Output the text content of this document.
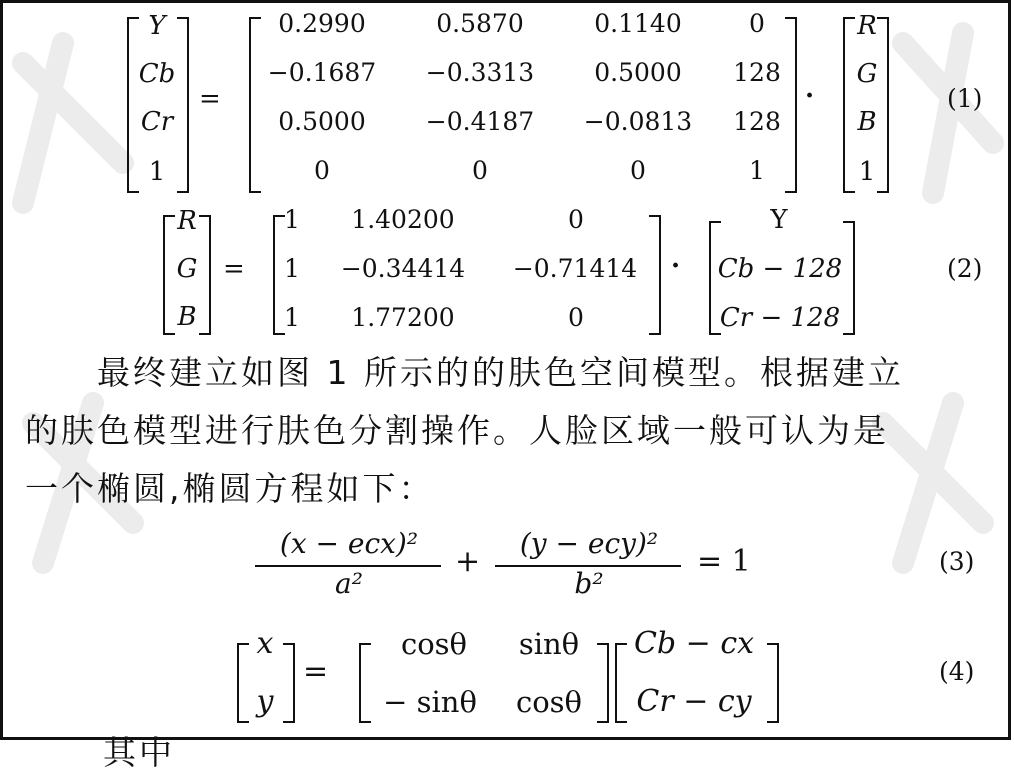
Y
Cb
Cr
1
=
0.2990	0.5870	0.1140	0
−0.1687	−0.3313	0.5000	128
0.5000	−0.4187	−0.0813	128
0	0	0	1
·
R
G
B
1
(1)
R
G
B
=
1	1.40200	0
1	−0.34414	−0.71414
1	1.77200	0
·
Y
Cb − 128
Cr − 128
(2)
最终建立如图 1 所示的的肤色空间模型。根据建立
的肤色模型进行肤色分割操作。人脸区域一般可认为是
一个椭圆,椭圆方程如下：
(x − ecx)²
a²
+
(y − ecy)²
b²
= 1	(3)
x
y
=
cosθ	sinθ
− sinθ	cosθ
Cb − cx
Cr − cy
(4)
其中
